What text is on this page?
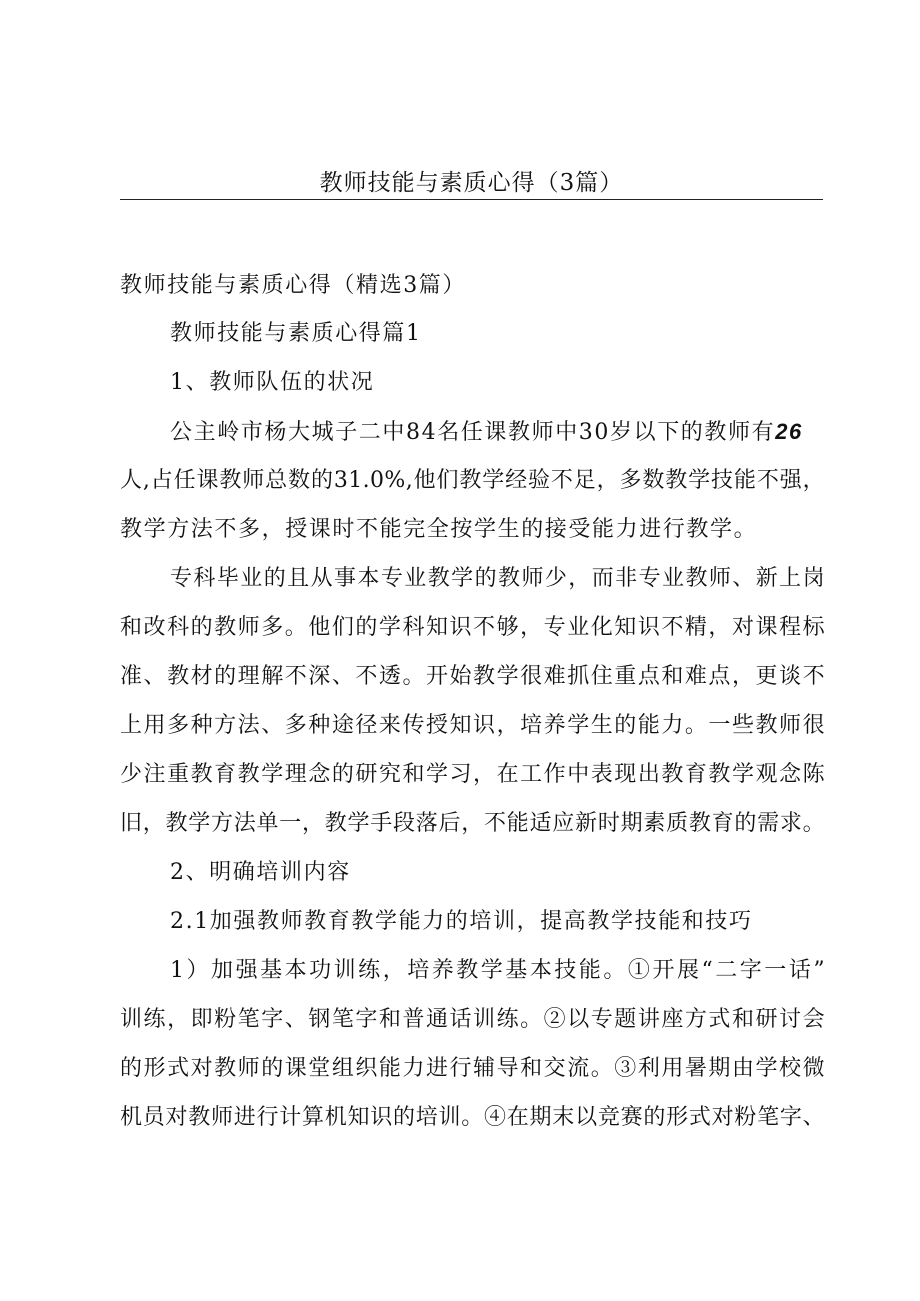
教师技能与素质心得（3篇）
教师技能与素质心得（精选3篇）
教师技能与素质心得篇1
1、教师队伍的状况
公主岭市杨大城子二中84名任课教师中30岁以下的教师有26
人,占任课教师总数的31.0%,他们教学经验不足，多数教学技能不强，
教学方法不多，授课时不能完全按学生的接受能力进行教学。
专科毕业的且从事本专业教学的教师少，而非专业教师、新上岗
和改科的教师多。他们的学科知识不够，专业化知识不精，对课程标
准、教材的理解不深、不透。开始教学很难抓住重点和难点，更谈不
上用多种方法、多种途径来传授知识，培养学生的能力。一些教师很
少注重教育教学理念的研究和学习，在工作中表现出教育教学观念陈
旧，教学方法单一，教学手段落后，不能适应新时期素质教育的需求。
2、明确培训内容
2.1加强教师教育教学能力的培训，提高教学技能和技巧
1）加强基本功训练，培养教学基本技能。①开展“二字一话”
训练，即粉笔字、钢笔字和普通话训练。②以专题讲座方式和研讨会
的形式对教师的课堂组织能力进行辅导和交流。③利用暑期由学校微
机员对教师进行计算机知识的培训。④在期末以竞赛的形式对粉笔字、
